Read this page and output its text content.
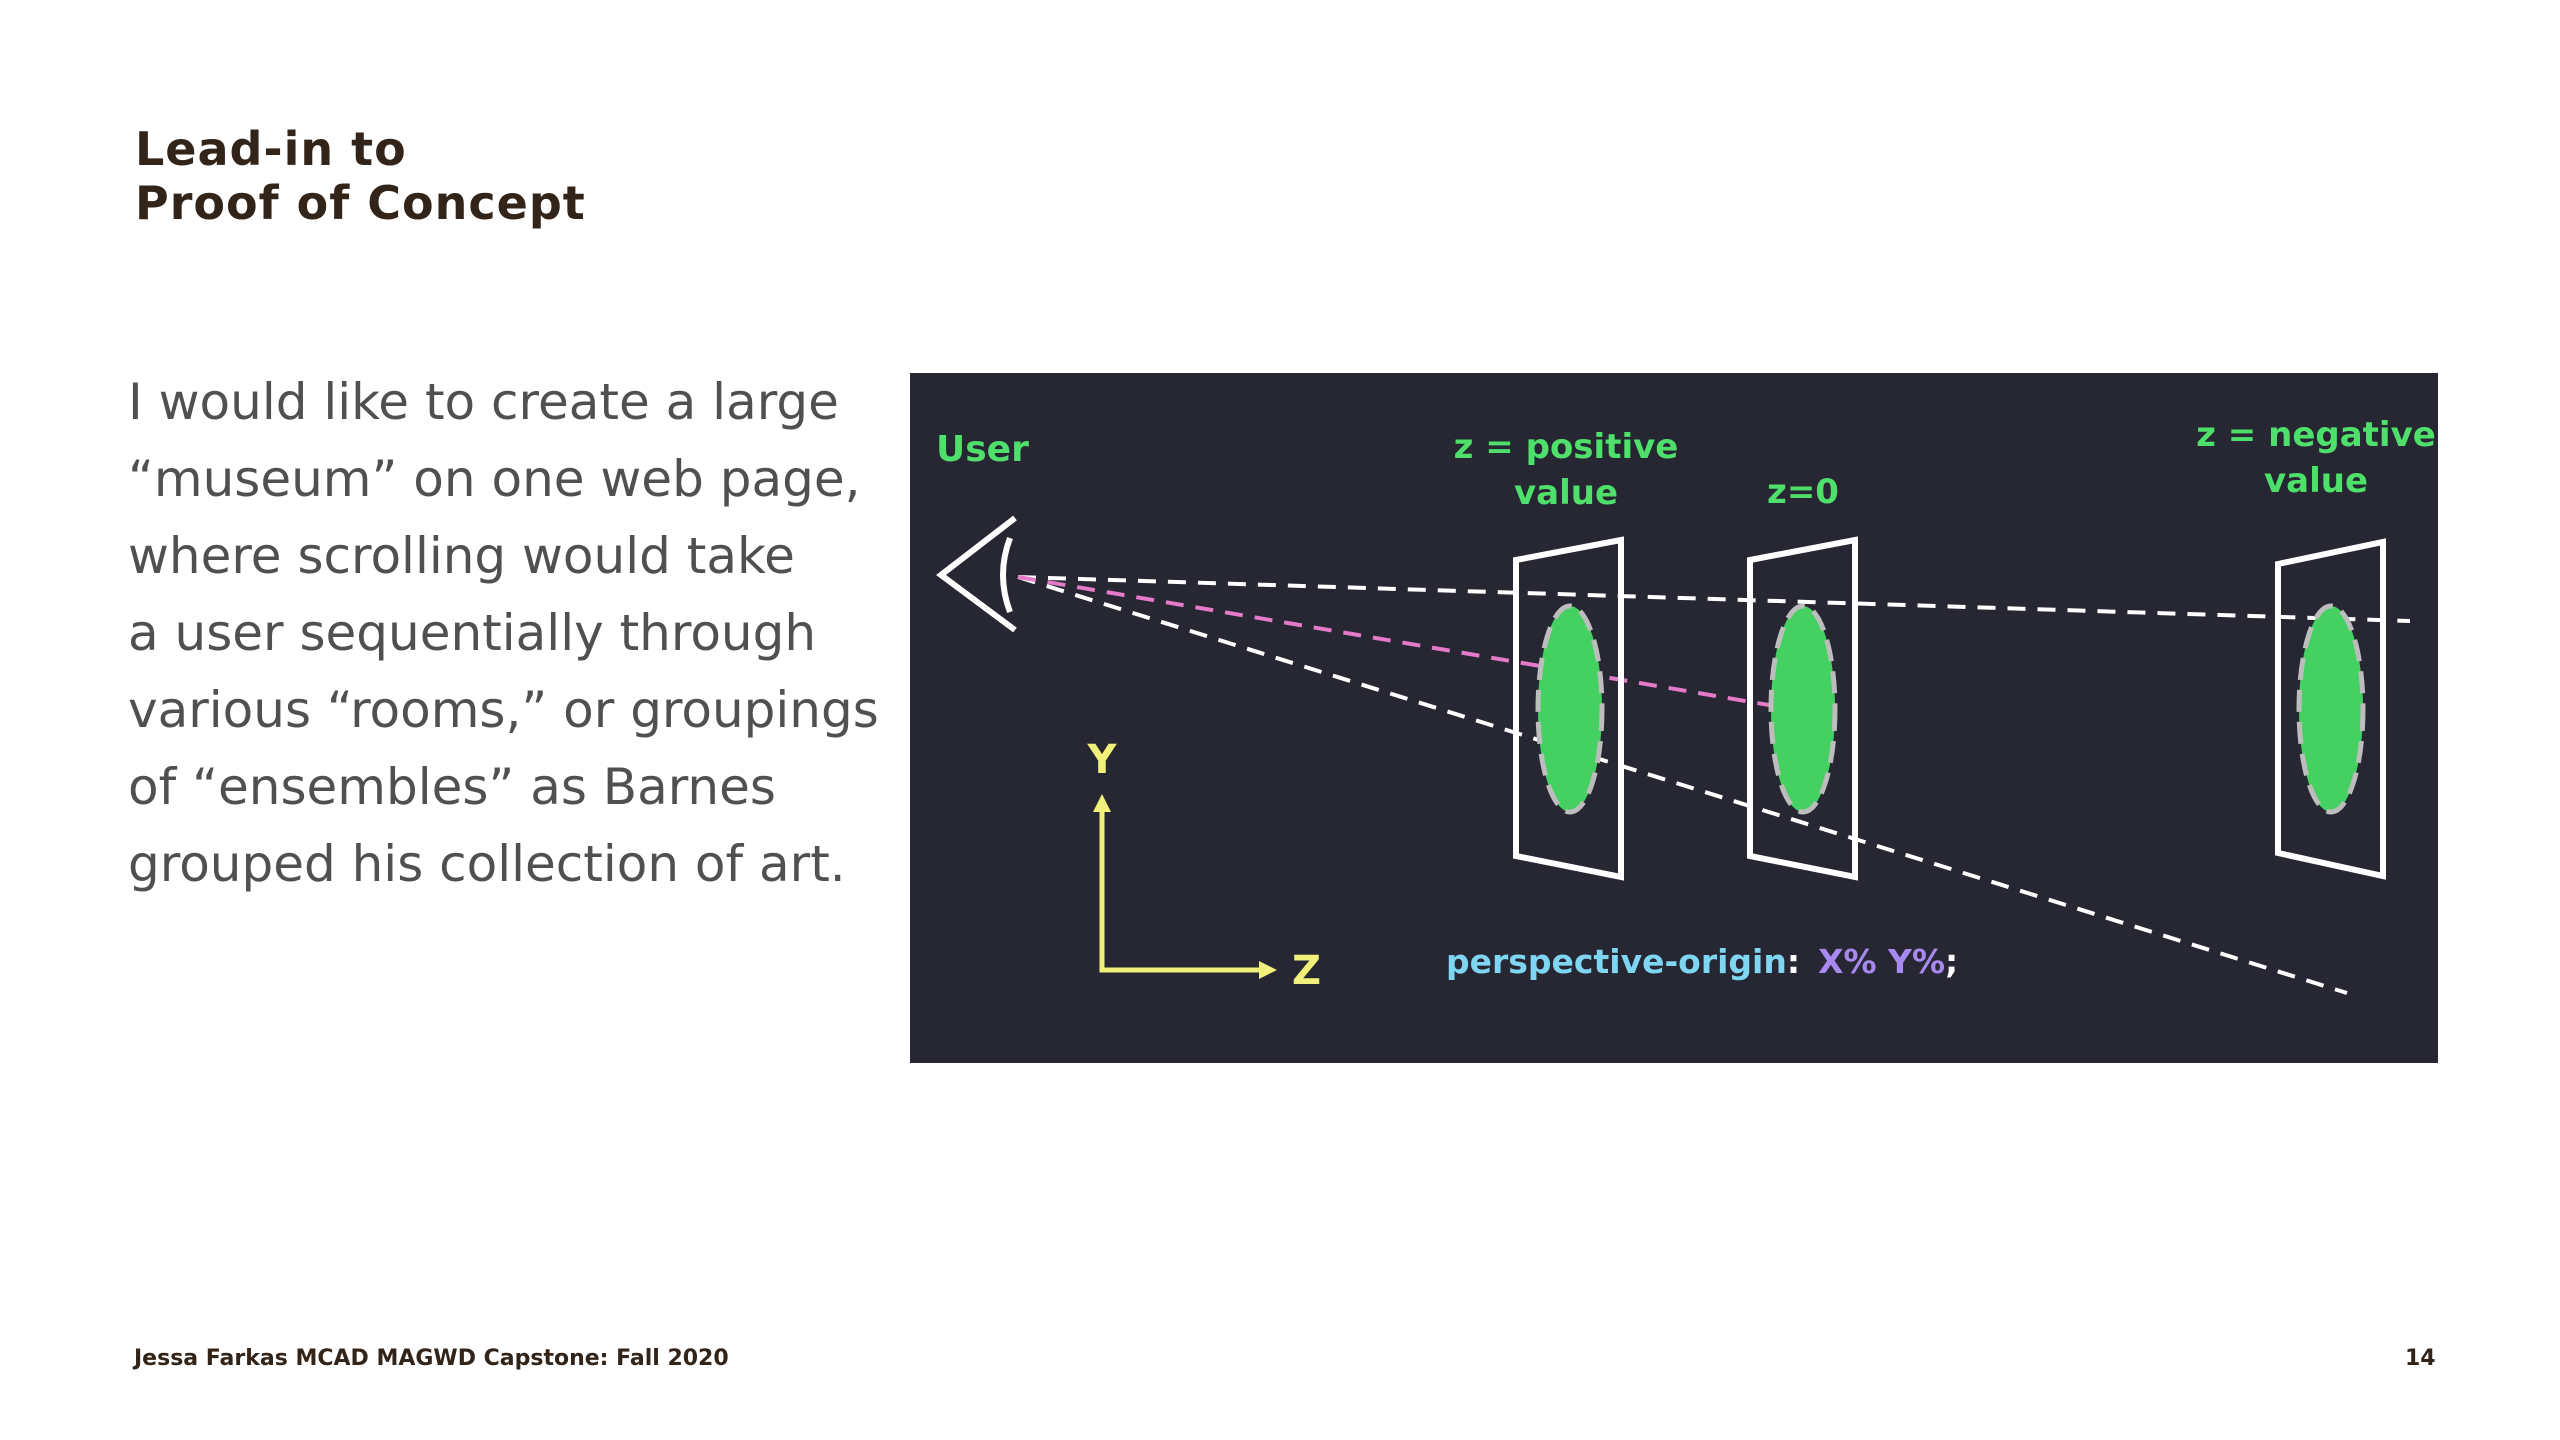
Lead-in to
Proof of Concept

I would like to create a large
“museum” on one web page,
where scrolling would take
a user sequentially through
various “rooms,” or groupings
of “ensembles” as Barnes
grouped his collection of art.

User	z = positive
value	z=0
z = negative
value
Y
Z	perspective-origin: X% Y%;
Jessa Farkas MCAD MAGWD Capstone: Fall 2020	14
